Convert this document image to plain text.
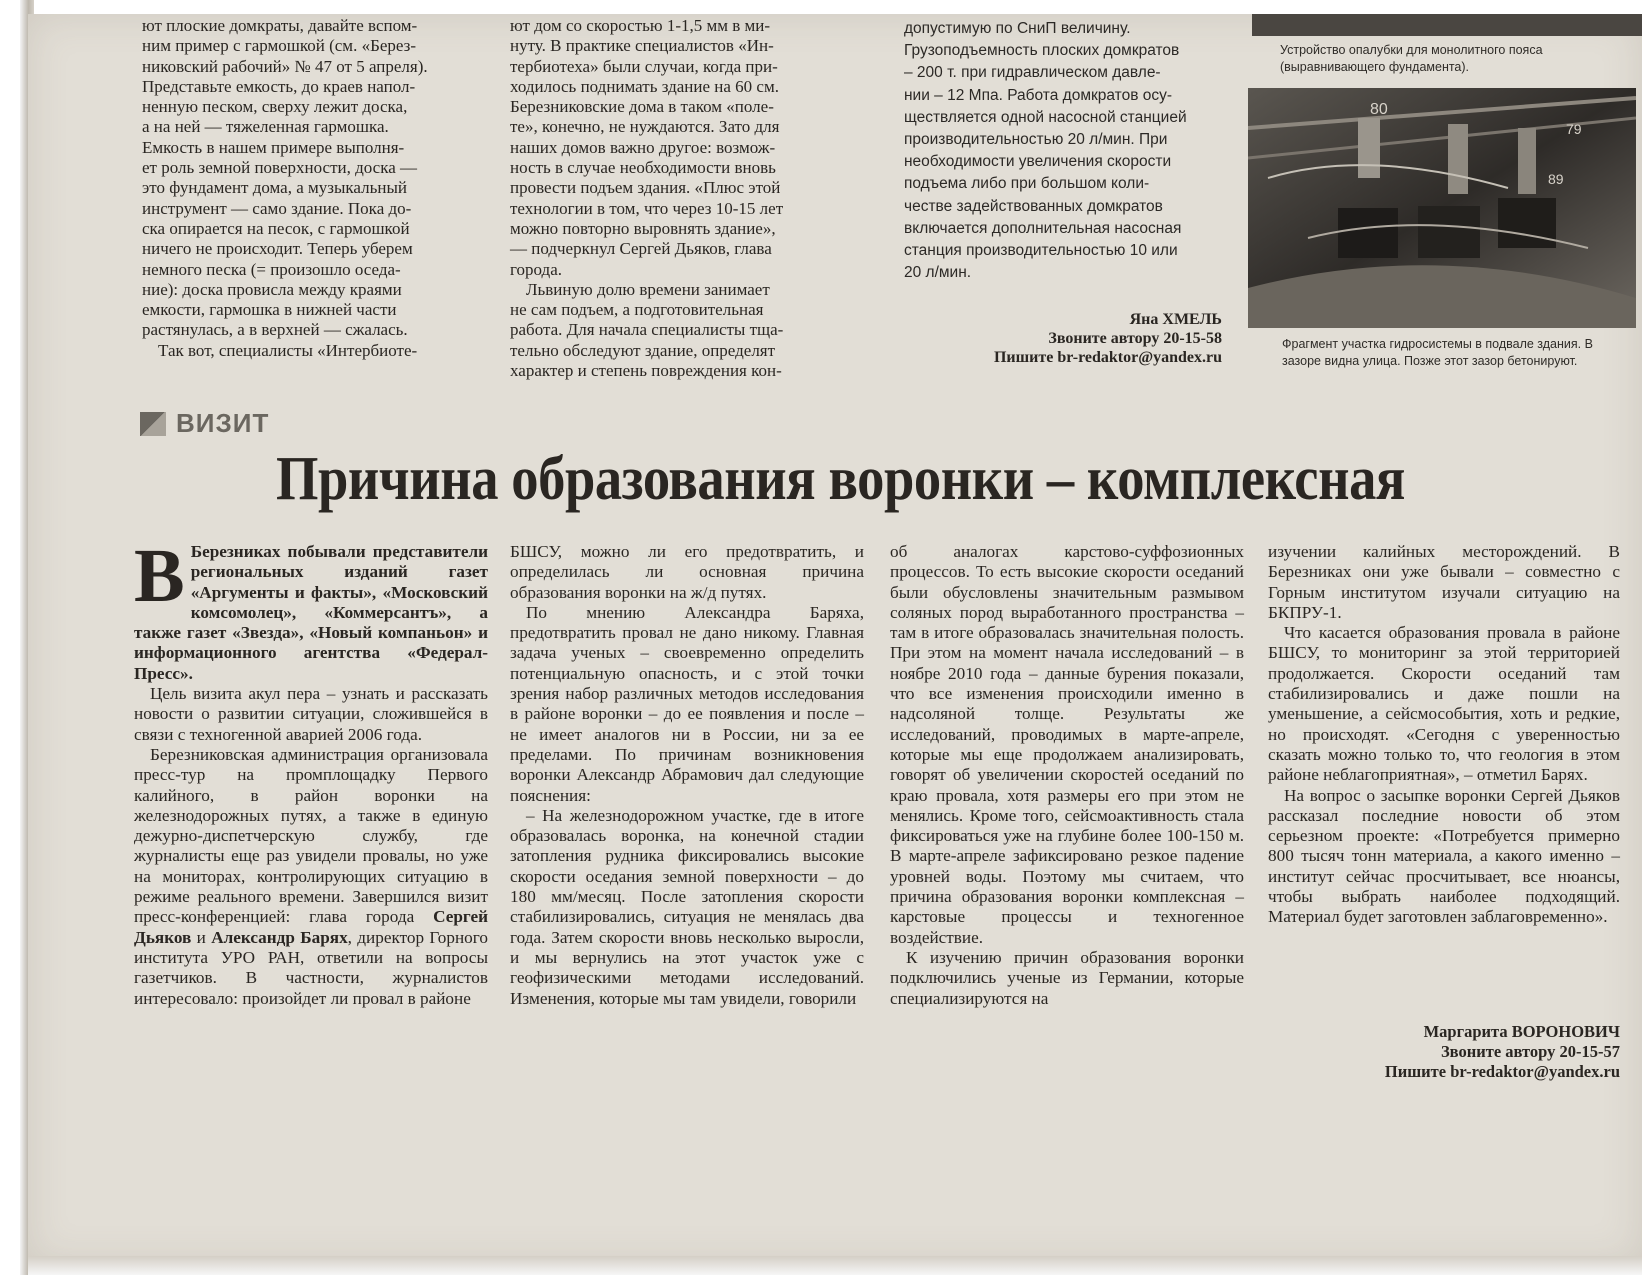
ют плоские домкраты, давайте вспом-
ним пример с гармошкой (см. «Берез-
никовский рабочий» № 47 от 5 апреля).
Представьте емкость, до краев напол-
ненную песком, сверху лежит доска,
а на ней — тяжеленная гармошка.
Емкость в нашем примере выполня-
ет роль земной поверхности, доска —
это фундамент дома, а музыкальный
инструмент — само здание. Пока до-
ска опирается на песок, с гармошкой
ничего не происходит. Теперь уберем
немного песка (= произошло оседа-
ние): доска провисла между краями
емкости, гармошка в нижней части
растянулась, а в верхней — сжалась.
Так вот, специалисты «Интербиоте-
ют дом со скоростью 1-1,5 мм в ми-
нуту. В практике специалистов «Ин-
тербиотеха» были случаи, когда при-
ходилось поднимать здание на 60 см.
Березниковские дома в таком «поле-
те», конечно, не нуждаются. Зато для
наших домов важно другое: возмож-
ность в случае необходимости вновь
провести подъем здания. «Плюс этой
технологии в том, что через 10-15 лет
можно повторно выровнять здание»,
— подчеркнул Сергей Дьяков, глава
города.
Львиную долю времени занимает
не сам подъем, а подготовительная
работа. Для начала специалисты тща-
тельно обследуют здание, определят
характер и степень повреждения кон-
допустимую по СниП величину.
Грузоподъемность плоских домкратов
– 200 т. при гидравлическом давле-
нии – 12 Мпа. Работа домкратов осу-
ществляется одной насосной станцией
производительностью 20 л/мин. При
необходимости увеличения скорости
подъема либо при большом коли-
честве задействованных домкратов
включается дополнительная насосная
станция производительностью 10 или
20 л/мин.
Яна ХМЕЛЬ
Звоните автору 20-15-58
Пишите br-redaktor@yandex.ru

Устройство опалубки для монолитного пояса (выравнивающего фундамента).

80
79
89

Фрагмент участка гидросистемы в подвале здания. В зазоре видна улица. Позже этот зазор бетонируют.

ВИЗИТ
Причина образования воронки – комплексная

В Березниках побывали представители региональных изданий газет «Аргументы и факты», «Московский комсомолец», «Коммерсантъ», а также газет «Звезда», «Новый компаньон» и информационного агентства «Федерал-Пресс».

Цель визита акул пера – узнать и рассказать новости о развитии ситуации, сложившейся в связи с техногенной аварией 2006 года.

Березниковская администрация организовала пресс-тур на промплощадку Первого калийного, в район воронки на железнодорожных путях, а также в единую дежурно-диспетчерскую службу, где журналисты еще раз увидели провалы, но уже на мониторах, контролирующих ситуацию в режиме реального времени. Завершился визит пресс-конференцией: глава города Сергей Дьяков и Александр Барях, директор Горного института УРО РАН, ответили на вопросы газетчиков. В частности, журналистов интересовало: произойдет ли провал в районе

БШСУ, можно ли его предотвратить, и определилась ли основная причина образования воронки на ж/д путях.

По мнению Александра Баряха, предотвратить провал не дано никому. Главная задача ученых – своевременно определить потенциальную опасность, и с этой точки зрения набор различных методов исследования в районе воронки – до ее появления и после – не имеет аналогов ни в России, ни за ее пределами. По причинам возникновения воронки Александр Абрамович дал следующие пояснения:

– На железнодорожном участке, где в итоге образовалась воронка, на конечной стадии затопления рудника фиксировались высокие скорости оседания земной поверхности – до 180 мм/месяц. После затопления скорости стабилизировались, ситуация не менялась два года. Затем скорости вновь несколько выросли, и мы вернулись на этот участок уже с геофизическими методами исследований. Изменения, которые мы там увидели, говорили

об аналогах карстово-суффозионных процессов. То есть высокие скорости оседаний были обусловлены значительным размывом соляных пород выработанного пространства – там в итоге образовалась значительная полость. При этом на момент начала исследований – в ноябре 2010 года – данные бурения показали, что все изменения происходили именно в надсоляной толще. Результаты же исследований, проводимых в марте-апреле, которые мы еще продолжаем анализировать, говорят об увеличении скоростей оседаний по краю провала, хотя размеры его при этом не менялись. Кроме того, сейсмоактивность стала фиксироваться уже на глубине более 100-150 м. В марте-апреле зафиксировано резкое падение уровней воды. Поэтому мы считаем, что причина образования воронки комплексная – карстовые процессы и техногенное воздействие.

К изучению причин образования воронки подключились ученые из Германии, которые специализируются на

изучении калийных месторождений. В Березниках они уже бывали – совместно с Горным институтом изучали ситуацию на БКПРУ-1.

Что касается образования провала в районе БШСУ, то мониторинг за этой территорией продолжается. Скорости оседаний там стабилизировались и даже пошли на уменьшение, а сейсмособытия, хоть и редкие, но происходят. «Сегодня с уверенностью сказать можно только то, что геология в этом районе неблагоприятная», – отметил Барях.

На вопрос о засыпке воронки Сергей Дьяков рассказал последние новости об этом серьезном проекте: «Потребуется примерно 800 тысяч тонн материала, а какого именно – институт сейчас просчитывает, все нюансы, чтобы выбрать наиболее подходящий. Материал будет заготовлен заблаговременно».

Маргарита ВОРОНОВИЧ
Звоните автору 20-15-57
Пишите br-redaktor@yandex.ru
